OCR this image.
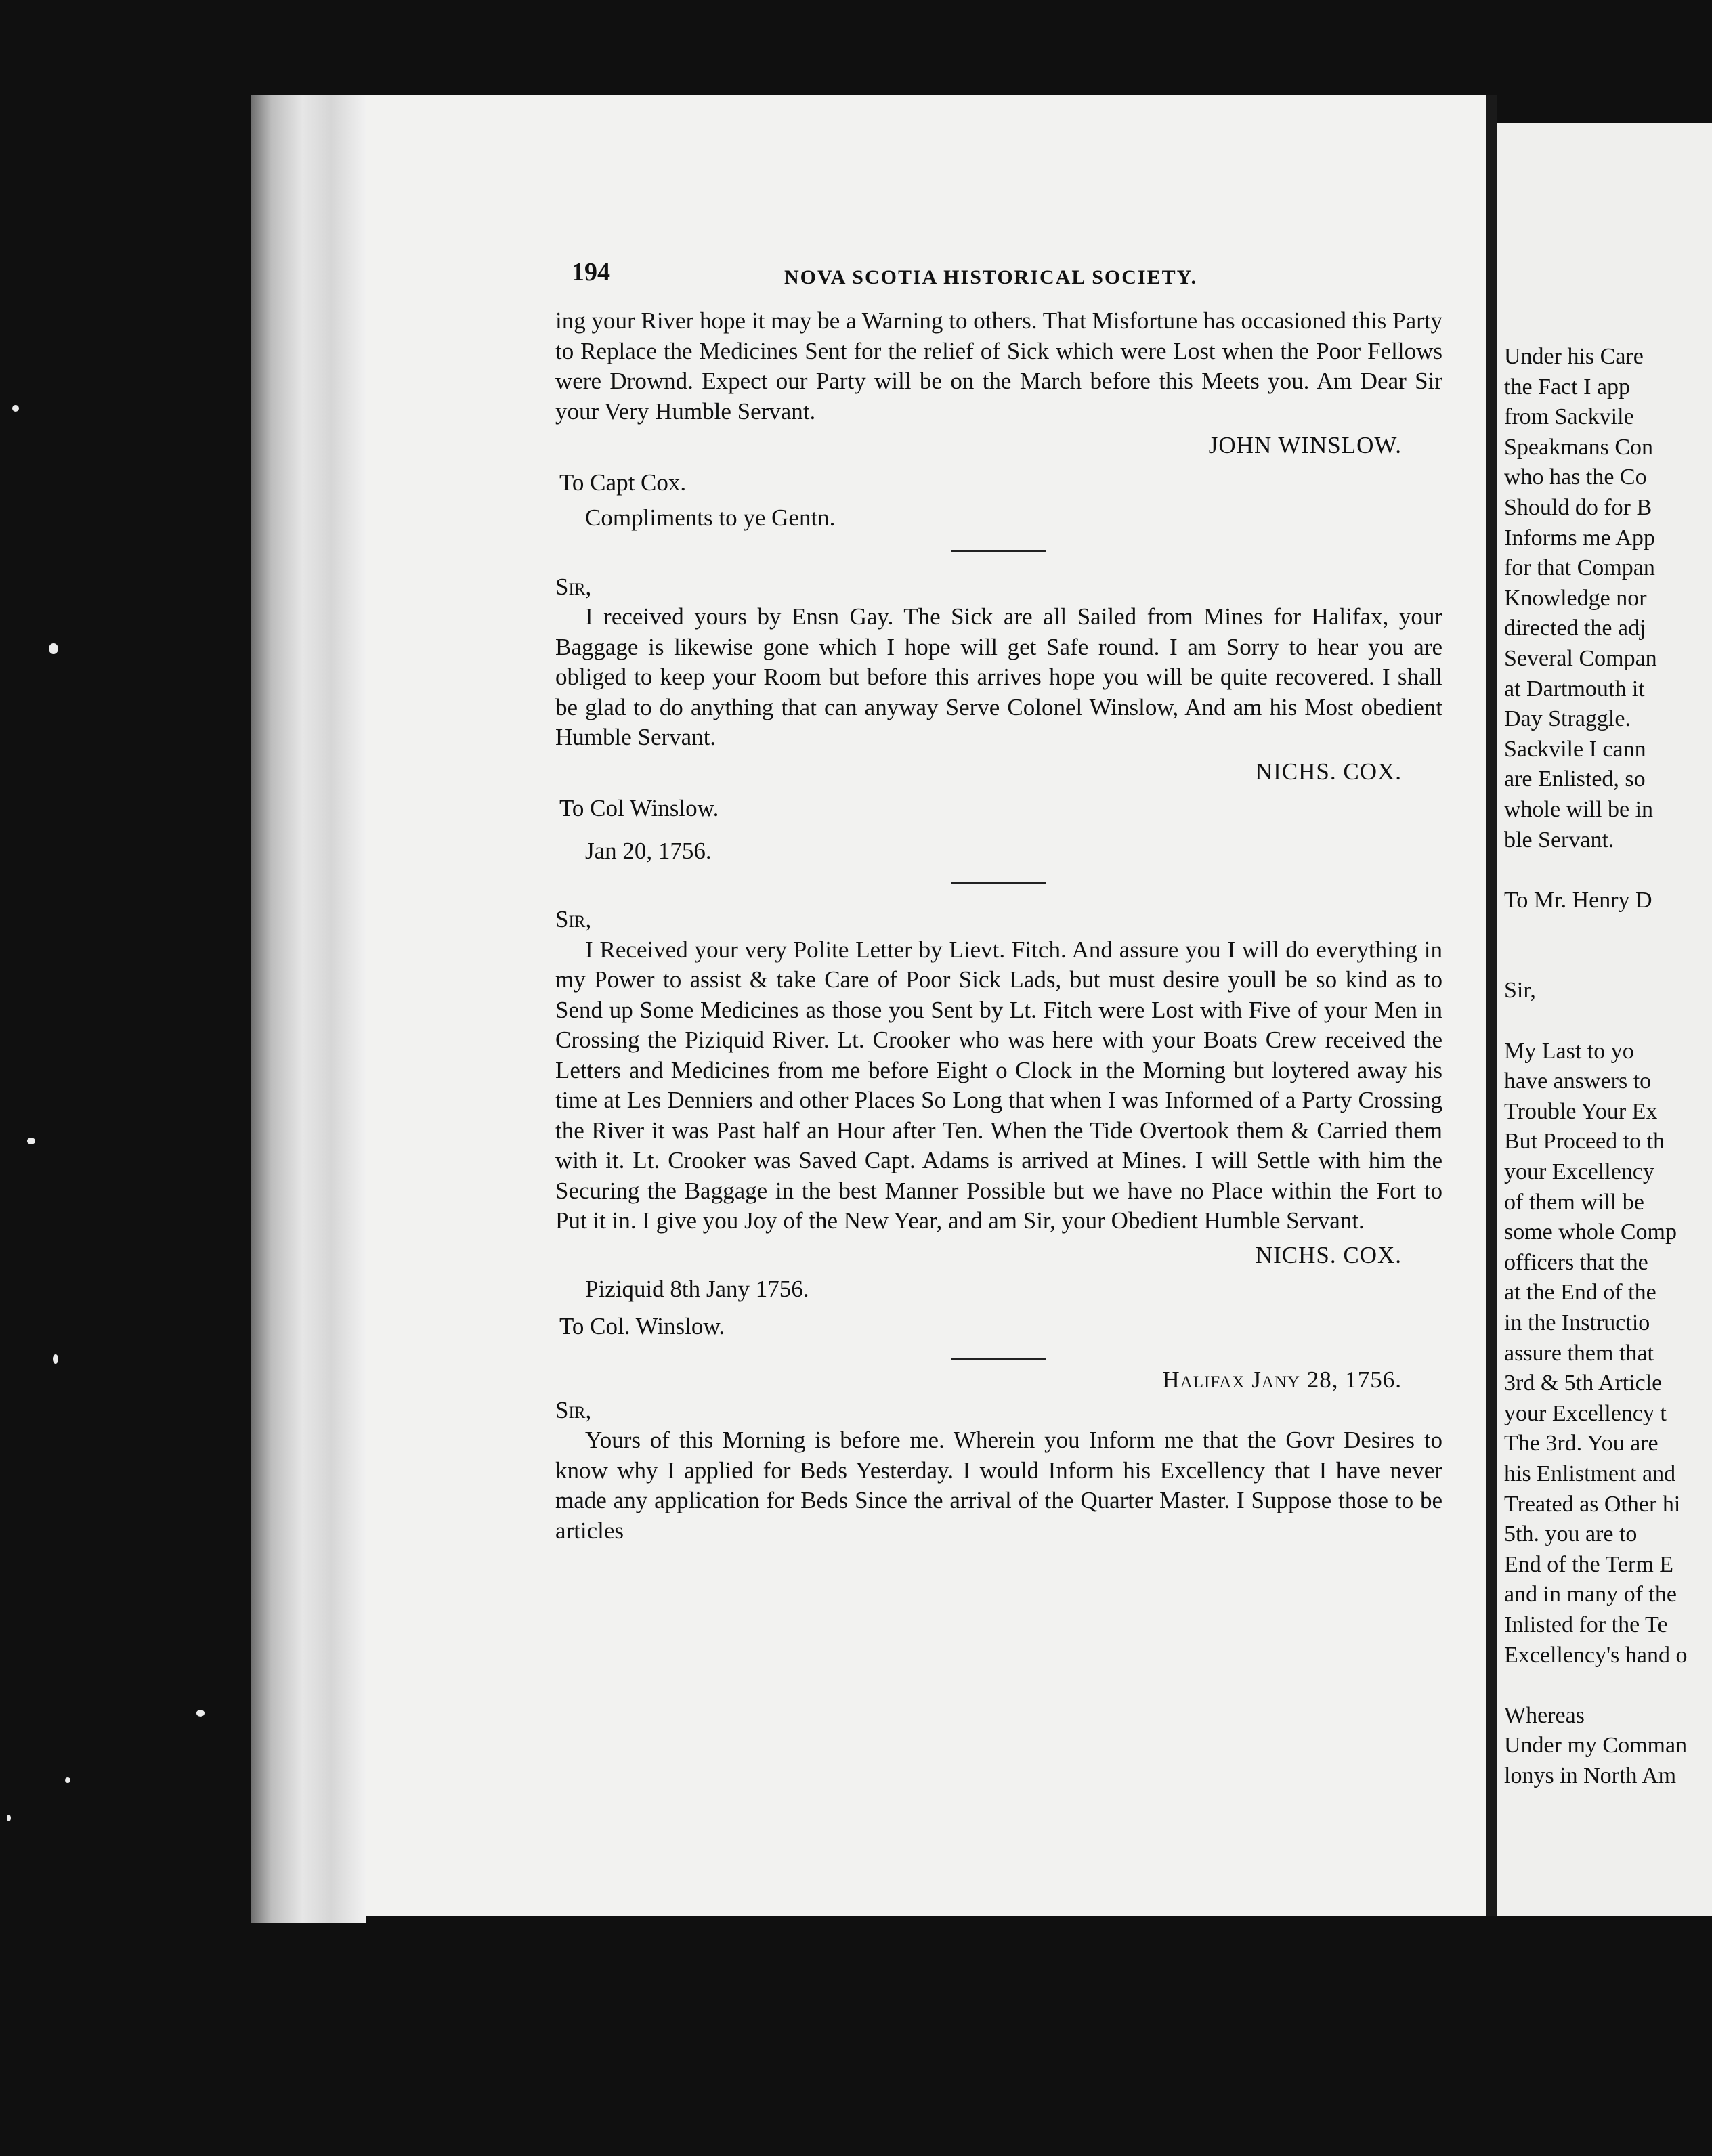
194	NOVA SCOTIA HISTORICAL SOCIETY.

ing your River hope it may be a Warning to others. That Misfortune has occasioned this Party to Replace the Medicines Sent for the relief of Sick which were Lost when the Poor Fellows were Drownd. Expect our Party will be on the March before this Meets you. Am Dear Sir your Very Humble Servant.

JOHN WINSLOW.
To Capt Cox.
Compliments to ye Gentn.
Sir,

I received yours by Ensn Gay. The Sick are all Sailed from Mines for Halifax, your Baggage is likewise gone which I hope will get Safe round. I am Sorry to hear you are obliged to keep your Room but before this arrives hope you will be quite recovered. I shall be glad to do anything that can anyway Serve Colonel Winslow, And am his Most obedient Humble Servant.

NICHS. COX.
To Col Winslow.
Jan 20, 1756.
Sir,

I Received your very Polite Letter by Lievt. Fitch. And assure you I will do everything in my Power to assist & take Care of Poor Sick Lads, but must desire youll be so kind as to Send up Some Medicines as those you Sent by Lt. Fitch were Lost with Five of your Men in Crossing the Piziquid River. Lt. Crooker who was here with your Boats Crew received the Letters and Medicines from me before Eight o Clock in the Morning but loytered away his time at Les Denniers and other Places So Long that when I was Informed of a Party Crossing the River it was Past half an Hour after Ten. When the Tide Overtook them & Carried them with it. Lt. Crooker was Saved Capt. Adams is arrived at Mines. I will Settle with him the Securing the Baggage in the best Manner Possible but we have no Place within the Fort to Put it in. I give you Joy of the New Year, and am Sir, your Obedient Humble Servant.

NICHS. COX.
Piziquid 8th Jany 1756.
To Col. Winslow.
Halifax Jany 28, 1756.
Sir,

Yours of this Morning is before me. Wherein you Inform me that the Govr Desires to know why I applied for Beds Yesterday. I would Inform his Excellency that I have never made any application for Beds Since the arrival of the Quarter Master. I Suppose those to be articles

Under his Care
the Fact I app
from Sackvile
Speakmans Con
who has the Co
Should do for B
Informs me App
for that Compan
Knowledge nor
directed the adj
Several Compan
at Dartmouth it
Day Straggle.
Sackvile I cann
are Enlisted, so
whole will be in
ble Servant.
To Mr. Henry D
Sir,
My Last to yo
have answers to
Trouble Your Ex
But Proceed to th
your Excellency
of them will be
some whole Comp
officers that the
at the End of the
in the Instructio
assure them that
3rd & 5th Article
your Excellency t
The 3rd. You are
his Enlistment and
Treated as Other hi
5th. you are to
End of the Term E
and in many of the
Inlisted for the Te
Excellency's hand o
Whereas
Under my Comman
lonys in North Am
